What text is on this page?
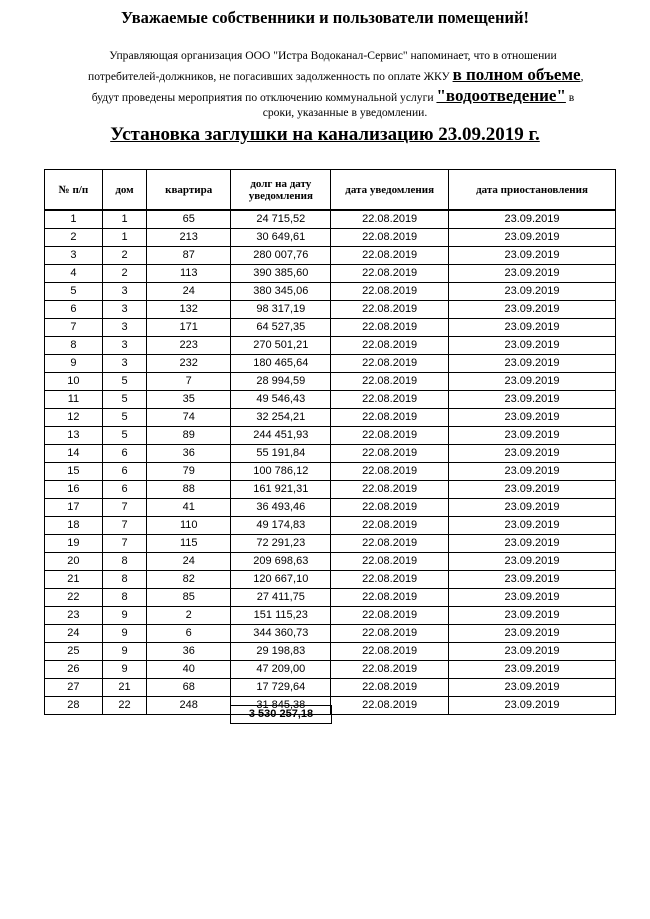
Уважаемые собственники и пользователи помещений!
Управляющая организация ООО "Истра Водоканал-Сервис" напоминает, что в отношении
потребителей-должников, не погасивших задолженность по оплате ЖКУ в полном объеме,
будут проведены мероприятия по отключению коммунальной услуги "водоотведение" в
сроки, указанные в уведомлении.
Установка заглушки на канализацию 23.09.2019 г.
№ п/п	дом	квартира	долг на дату уведомления	дата уведомления	дата приостановления
1	1	65	24 715,52	22.08.2019	23.09.2019
2	1	213	30 649,61	22.08.2019	23.09.2019
3	2	87	280 007,76	22.08.2019	23.09.2019
4	2	113	390 385,60	22.08.2019	23.09.2019
5	3	24	380 345,06	22.08.2019	23.09.2019
6	3	132	98 317,19	22.08.2019	23.09.2019
7	3	171	64 527,35	22.08.2019	23.09.2019
8	3	223	270 501,21	22.08.2019	23.09.2019
9	3	232	180 465,64	22.08.2019	23.09.2019
10	5	7	28 994,59	22.08.2019	23.09.2019
11	5	35	49 546,43	22.08.2019	23.09.2019
12	5	74	32 254,21	22.08.2019	23.09.2019
13	5	89	244 451,93	22.08.2019	23.09.2019
14	6	36	55 191,84	22.08.2019	23.09.2019
15	6	79	100 786,12	22.08.2019	23.09.2019
16	6	88	161 921,31	22.08.2019	23.09.2019
17	7	41	36 493,46	22.08.2019	23.09.2019
18	7	110	49 174,83	22.08.2019	23.09.2019
19	7	115	72 291,23	22.08.2019	23.09.2019
20	8	24	209 698,63	22.08.2019	23.09.2019
21	8	82	120 667,10	22.08.2019	23.09.2019
22	8	85	27 411,75	22.08.2019	23.09.2019
23	9	2	151 115,23	22.08.2019	23.09.2019
24	9	6	344 360,73	22.08.2019	23.09.2019
25	9	36	29 198,83	22.08.2019	23.09.2019
26	9	40	47 209,00	22.08.2019	23.09.2019
27	21	68	17 729,64	22.08.2019	23.09.2019
28	22	248	31 845,38	22.08.2019	23.09.2019
3 530 257,18
